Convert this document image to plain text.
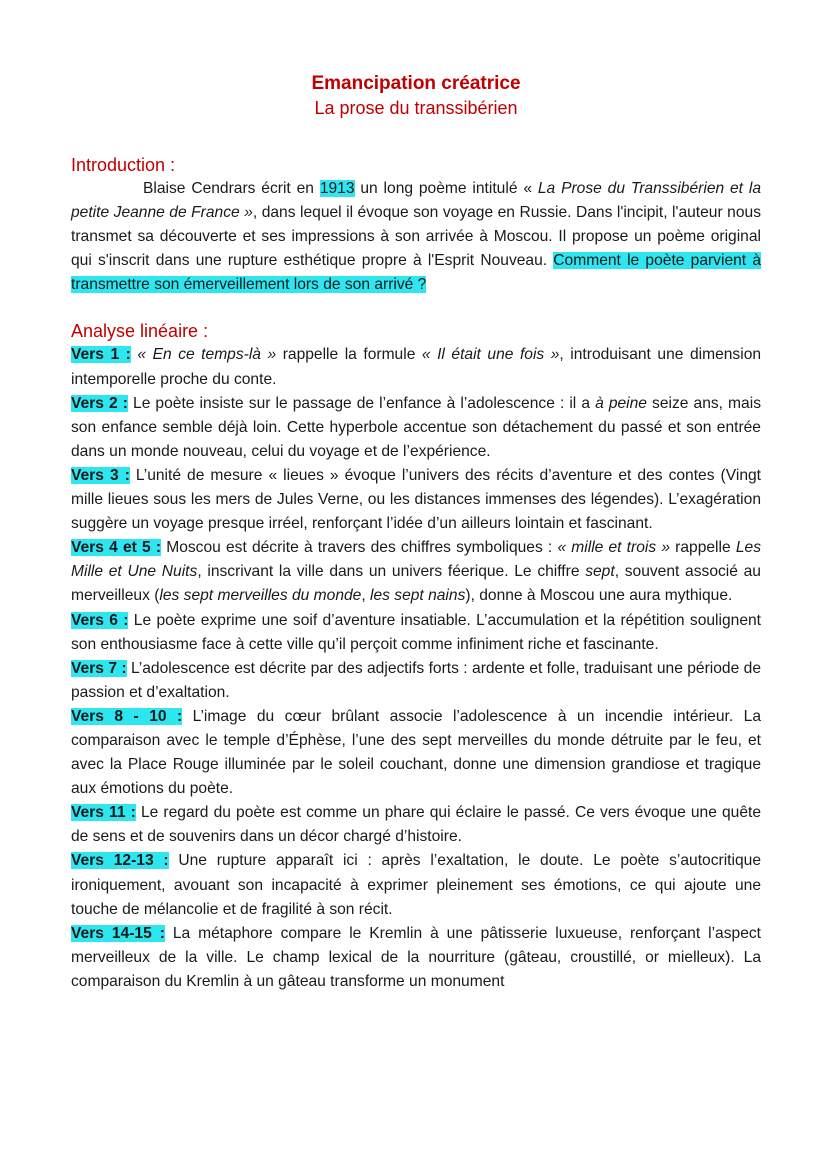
Emancipation créatrice
La prose du transsibérien
Introduction :

Blaise Cendrars écrit en 1913 un long poème intitulé « La Prose du Transsibérien et la petite Jeanne de France », dans lequel il évoque son voyage en Russie. Dans l'incipit, l'auteur nous transmet sa découverte et ses impressions à son arrivée à Moscou. Il propose un poème original qui s'inscrit dans une rupture esthétique propre à l'Esprit Nouveau. Comment le poète parvient à transmettre son émerveillement lors de son arrivé ?

Analyse linéaire :

Vers 1 : « En ce temps-là » rappelle la formule « Il était une fois », introduisant une dimension intemporelle proche du conte.

Vers 2 : Le poète insiste sur le passage de l’enfance à l’adolescence : il a à peine seize ans, mais son enfance semble déjà loin. Cette hyperbole accentue son détachement du passé et son entrée dans un monde nouveau, celui du voyage et de l’expérience.

Vers 3 : L’unité de mesure « lieues » évoque l’univers des récits d’aventure et des contes (Vingt mille lieues sous les mers de Jules Verne, ou les distances immenses des légendes). L’exagération suggère un voyage presque irréel, renforçant l’idée d’un ailleurs lointain et fascinant.

Vers 4 et 5 : Moscou est décrite à travers des chiffres symboliques : « mille et trois » rappelle Les Mille et Une Nuits, inscrivant la ville dans un univers féerique. Le chiffre sept, souvent associé au merveilleux (les sept merveilles du monde, les sept nains), donne à Moscou une aura mythique.

Vers 6 : Le poète exprime une soif d’aventure insatiable. L’accumulation et la répétition soulignent son enthousiasme face à cette ville qu’il perçoit comme infiniment riche et fascinante.

Vers 7 : L’adolescence est décrite par des adjectifs forts : ardente et folle, traduisant une période de passion et d’exaltation.

Vers 8 - 10 : L’image du cœur brûlant associe l’adolescence à un incendie intérieur. La comparaison avec le temple d’Éphèse, l’une des sept merveilles du monde détruite par le feu, et avec la Place Rouge illuminée par le soleil couchant, donne une dimension grandiose et tragique aux émotions du poète.

Vers 11 : Le regard du poète est comme un phare qui éclaire le passé. Ce vers évoque une quête de sens et de souvenirs dans un décor chargé d’histoire.

Vers 12-13 : Une rupture apparaît ici : après l’exaltation, le doute. Le poète s’autocritique ironiquement, avouant son incapacité à exprimer pleinement ses émotions, ce qui ajoute une touche de mélancolie et de fragilité à son récit.

Vers 14-15 : La métaphore compare le Kremlin à une pâtisserie luxueuse, renforçant l’aspect merveilleux de la ville. Le champ lexical de la nourriture (gâteau, croustillé, or mielleux). La comparaison du Kremlin à un gâteau transforme un monument
